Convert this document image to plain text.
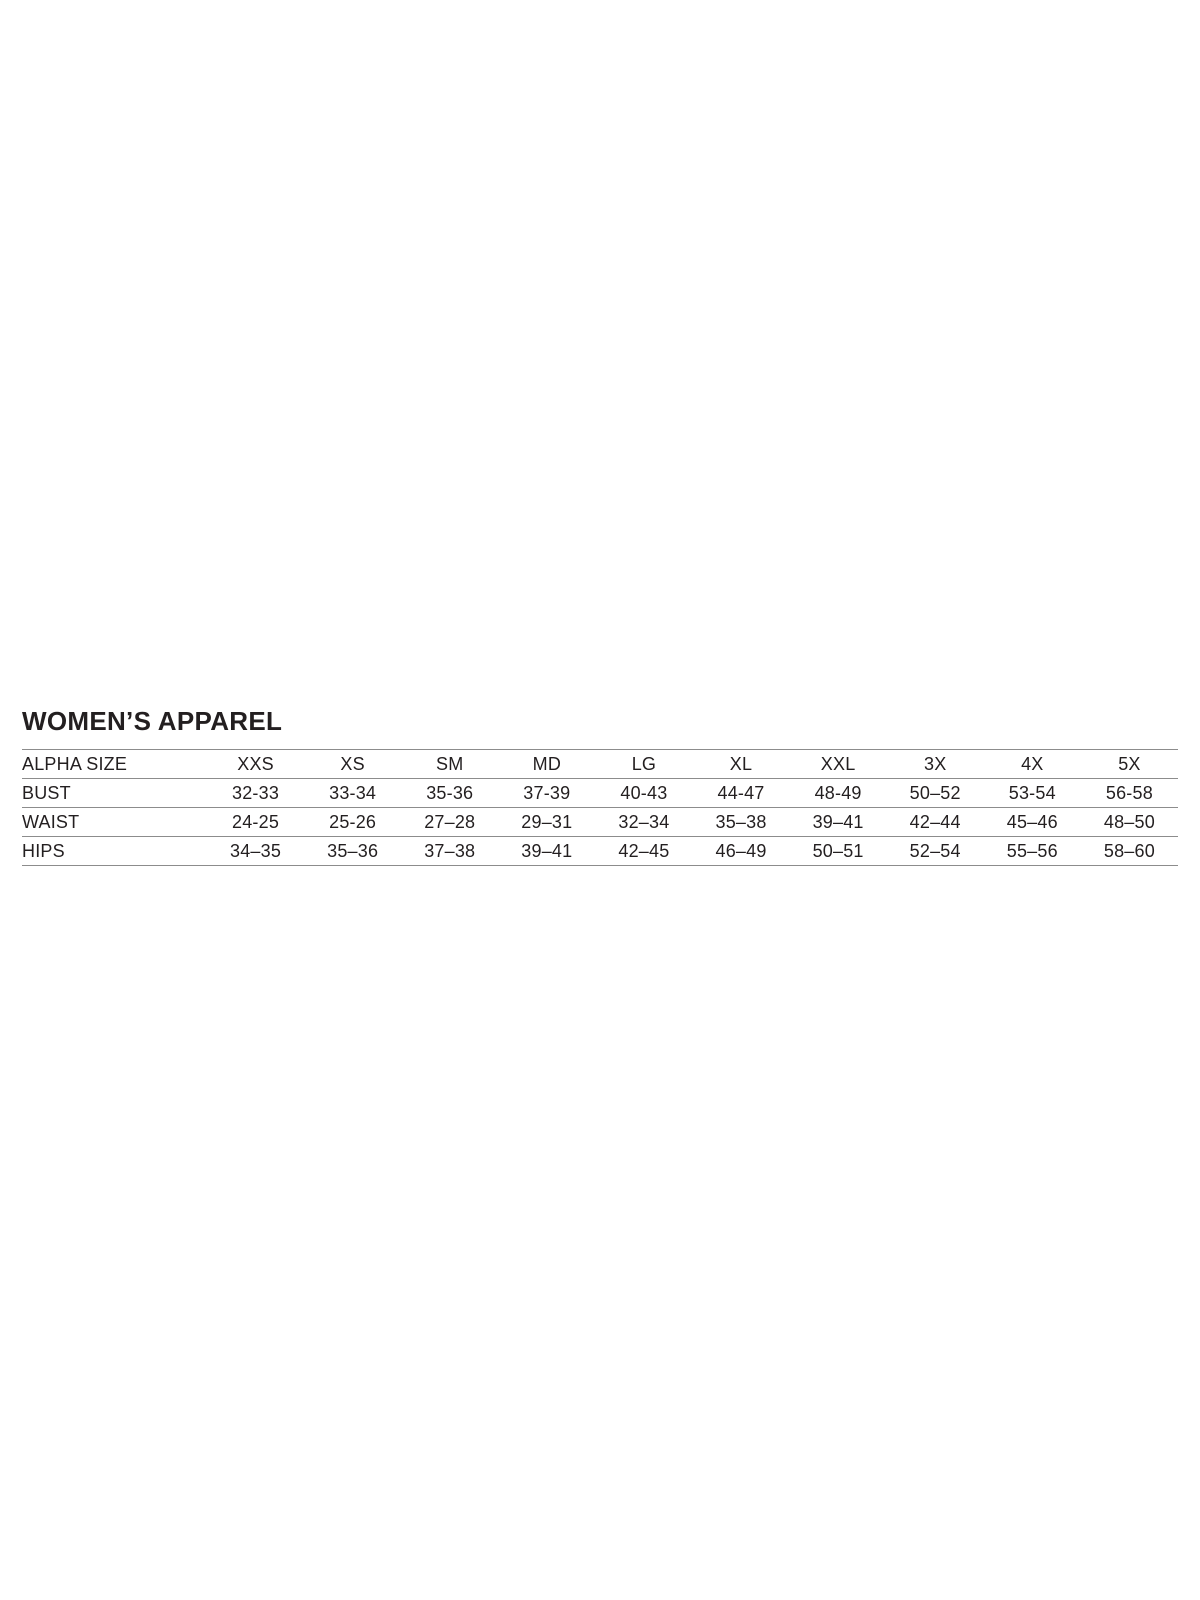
WOMEN’S APPAREL
ALPHA SIZE	XXS	XS	SM	MD	LG	XL	XXL	3X	4X	5X
BUST	32-33	33-34	35-36	37-39	40-43	44-47	48-49	50–52	53-54	56-58
WAIST	24-25	25-26	27–28	29–31	32–34	35–38	39–41	42–44	45–46	48–50
HIPS	34–35	35–36	37–38	39–41	42–45	46–49	50–51	52–54	55–56	58–60
